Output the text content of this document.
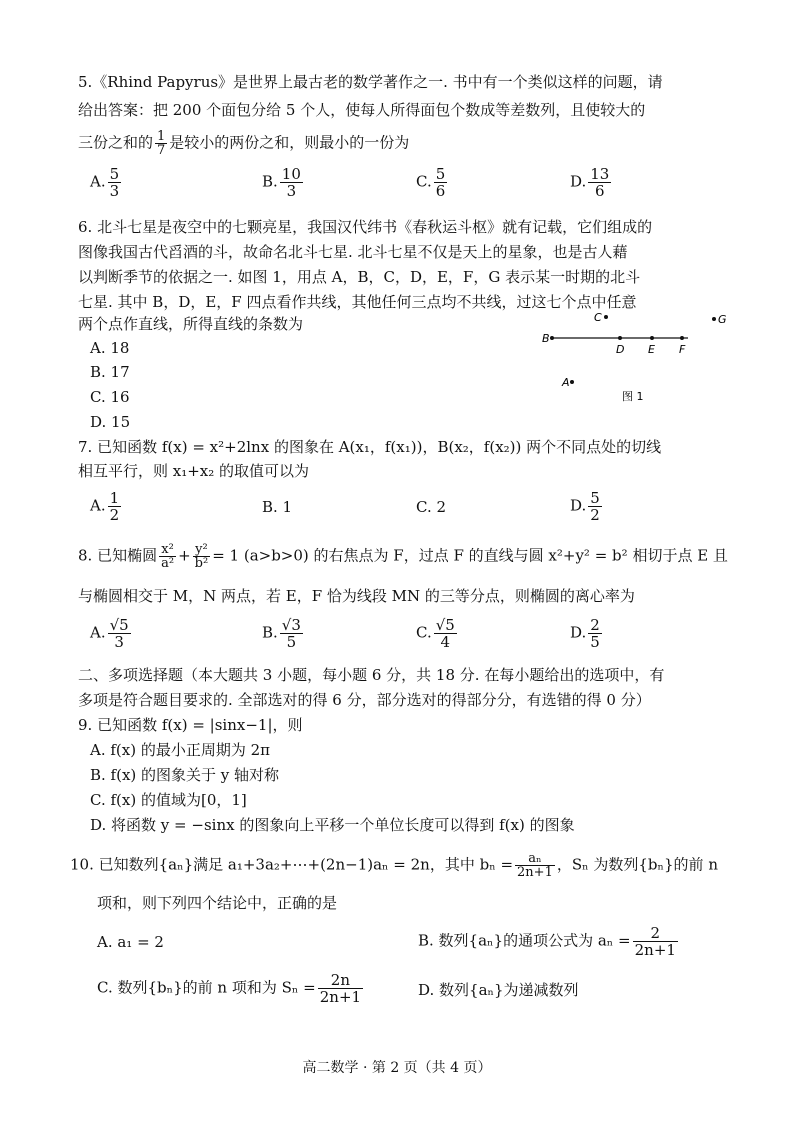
5.《Rhind Papyrus》是世界上最古老的数学著作之一. 书中有一个类似这样的问题，请
给出答案：把 200 个面包分给 5 个人，使每人所得面包个数成等差数列，且使较大的
三份之和的 $\frac{1}{7}$ 是较小的两份之和，则最小的一份为
A. $\frac{5}{3}$	B. $\frac{10}{3}$	C. $\frac{5}{6}$	D. $\frac{13}{6}$
6. 北斗七星是夜空中的七颗亮星，我国汉代纬书《春秋运斗枢》就有记载，它们组成的
图像我国古代舀酒的斗，故命名北斗七星. 北斗七星不仅是天上的星象，也是古人藉
以判断季节的依据之一. 如图 1，用点 A，B，C，D，E，F，G 表示某一时期的北斗
七星. 其中 B，D，E，F 四点看作共线，其他任何三点均不共线，过这七个点中任意
两个点作直线，所得直线的条数为
A. 18
B. 17
C. 16
D. 15
C	G
B
D E F
A
图 1
7. 已知函数 f(x) = x²+2lnx 的图象在 A(x₁，f(x₁))，B(x₂，f(x₂)) 两个不同点处的切线
相互平行，则 x₁+x₂ 的取值可以为
A. $\frac{1}{2}$	B. 1	C. 2	D. $\frac{5}{2}$
8. 已知椭圆 $\frac{\text{x²}}{\text{a²}} + \frac{\text{y²}}{\text{b²}} = 1$ (a>b>0) 的右焦点为 F，过点 F 的直线与圆 x²+y² = b² 相切于点 E 且
与椭圆相交于 M，N 两点，若 E，F 恰为线段 MN 的三等分点，则椭圆的离心率为
A. $\frac{√5}{3}$	B. $\frac{√3}{5}$	C. $\frac{√5}{4}$	D. $\frac{2}{5}$
二、多项选择题（本大题共 3 小题，每小题 6 分，共 18 分. 在每小题给出的选项中，有
多项是符合题目要求的. 全部选对的得 6 分，部分选对的得部分分，有选错的得 0 分）
9. 已知函数 f(x) = |sinx−1|，则
A. f(x) 的最小正周期为 2π
B. f(x) 的图象关于 y 轴对称
C. f(x) 的值域为[0，1]
D. 将函数 y = −sinx 的图象向上平移一个单位长度可以得到 f(x) 的图象
10. 已知数列{aₙ}满足 a₁+3a₂+⋯+(2n−1)aₙ = 2n，其中 $b_n = \frac{\text{aₙ}}{2n+1}$ ，Sₙ 为数列{bₙ}的前 n
项和，则下列四个结论中，正确的是
A. a₁ = 2	B. 数列{aₙ}的通项公式为 $a_n = \frac{2}{2n+1}$
C. 数列{bₙ}的前 n 项和为 $S_n = \frac{2n}{2n+1}$	D. 数列{aₙ}为递减数列
高二数学 · 第 2 页（共 4 页）
